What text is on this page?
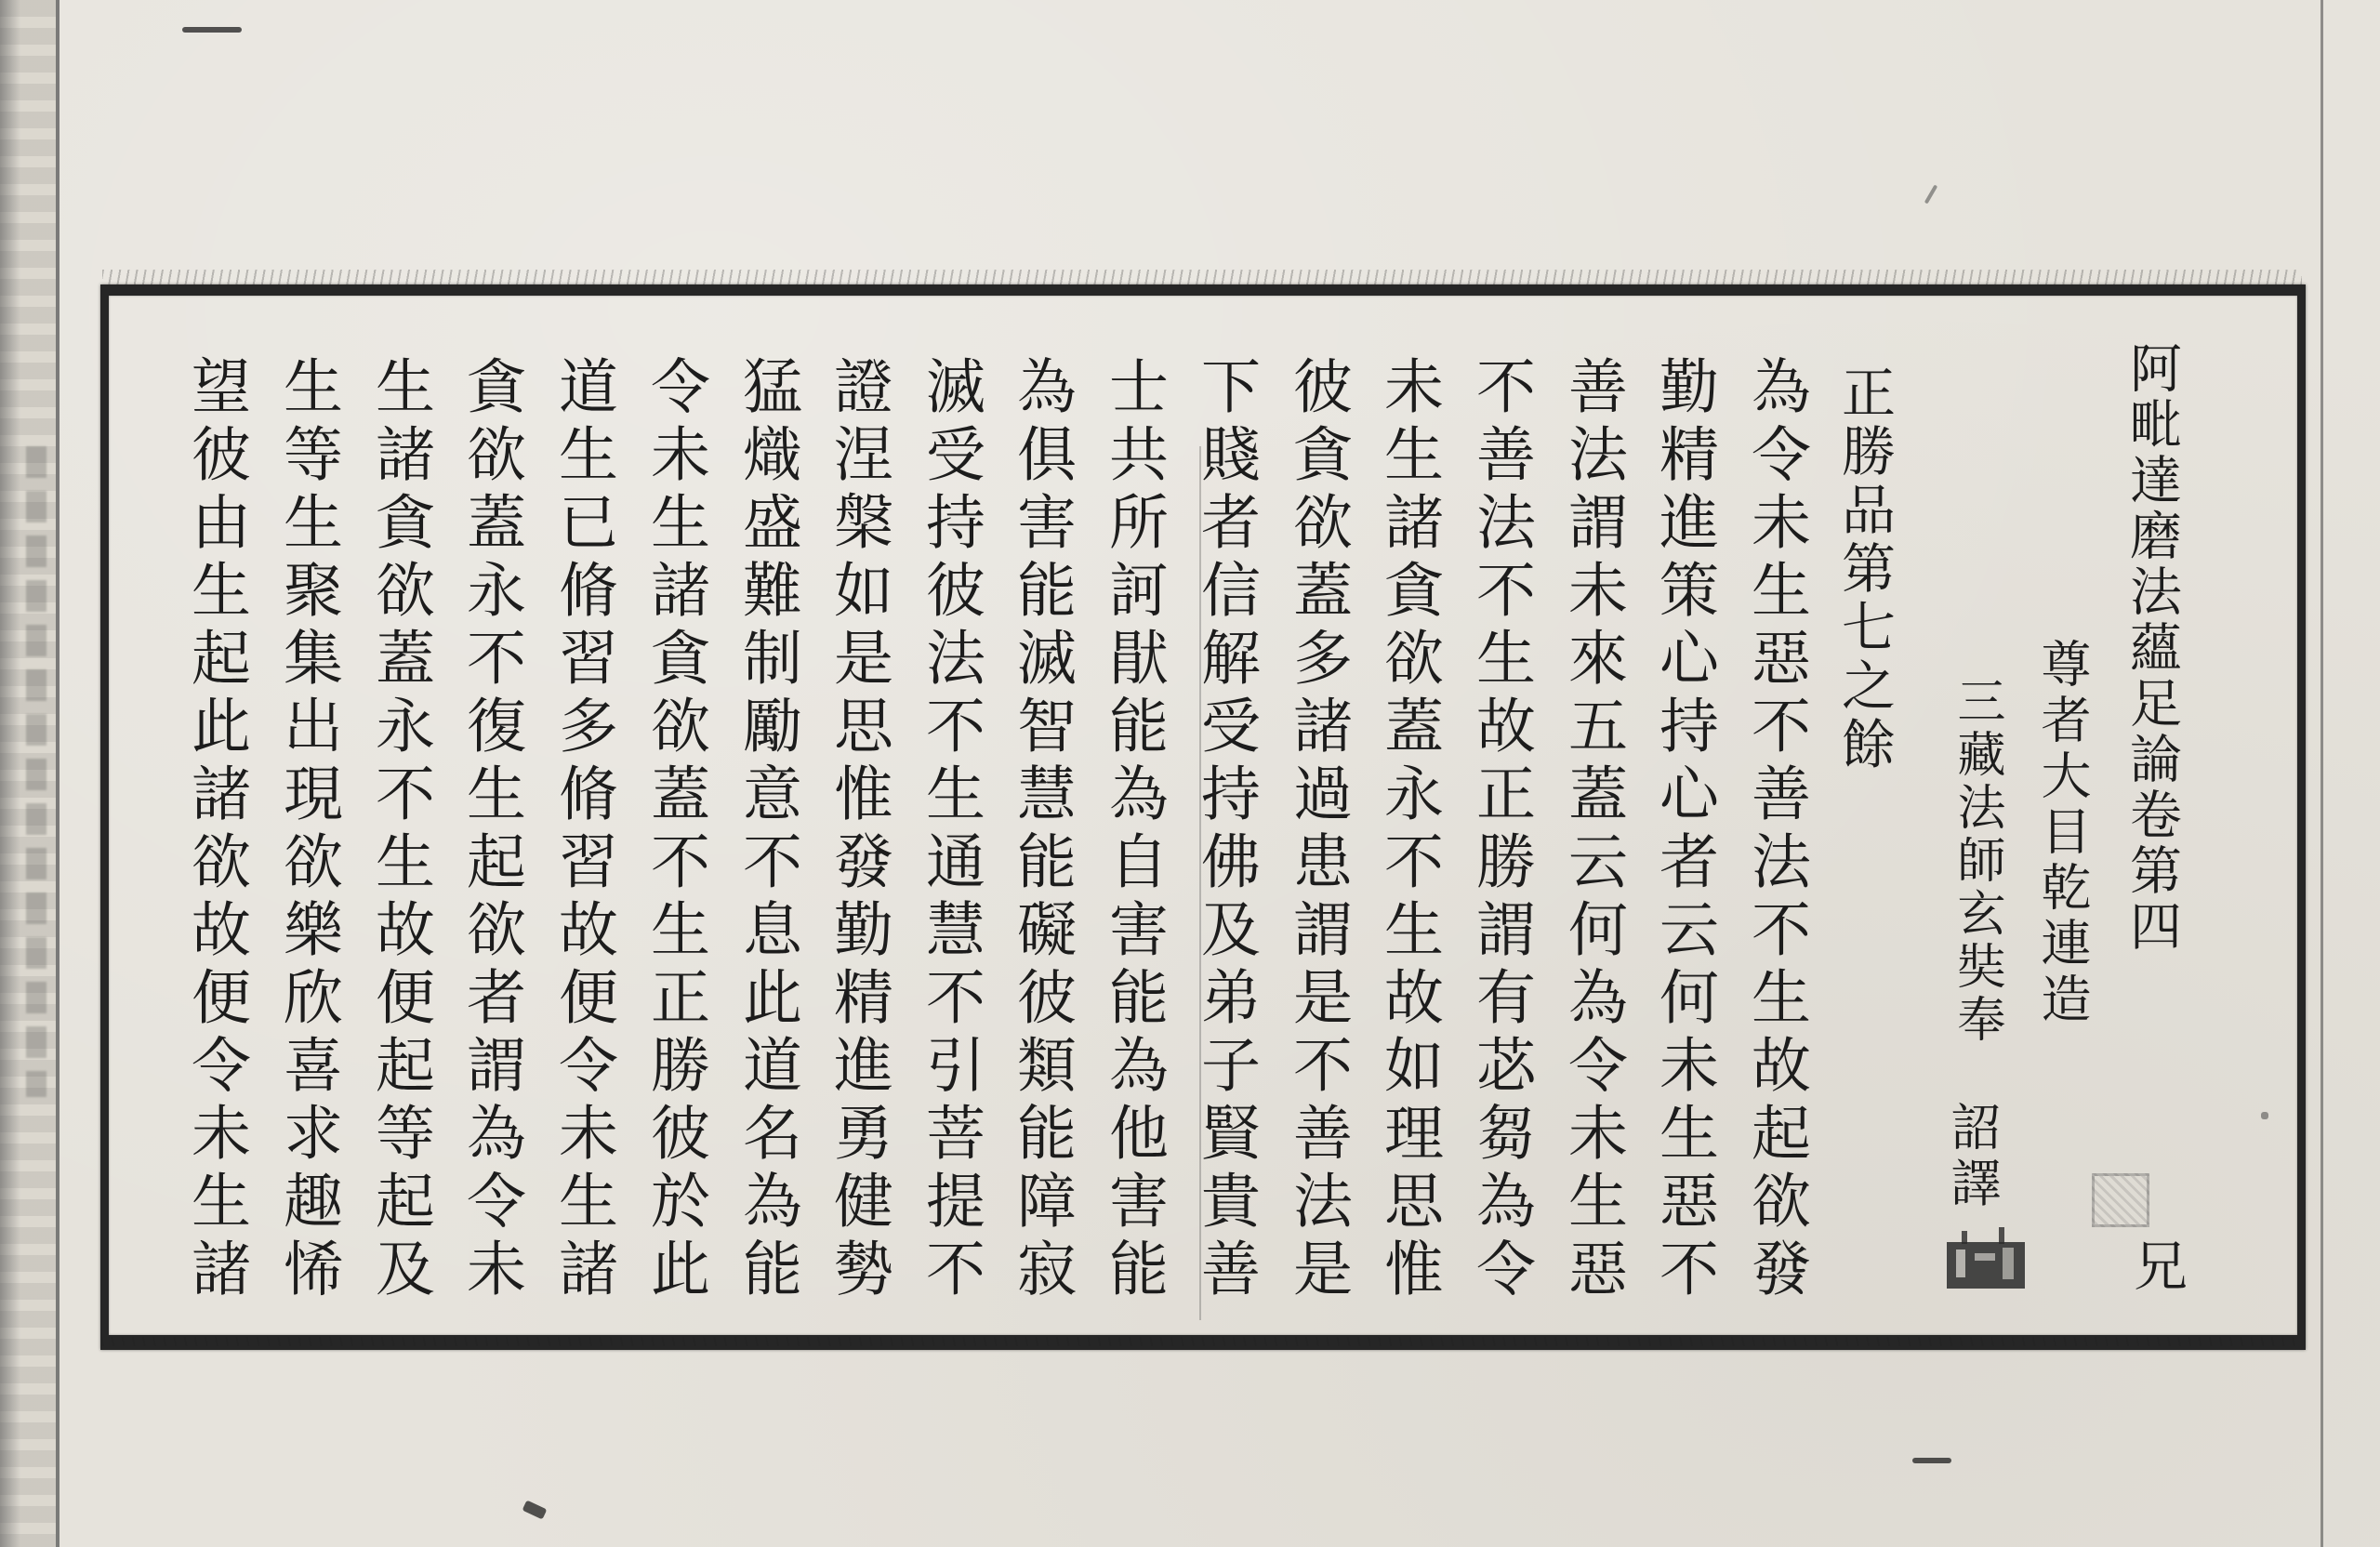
阿毗達磨法蘊足論卷第四
兄
尊者大目乾連造
三藏法師玄奘奉
詔譯
正勝品第七之餘
為令未生惡不善法不生故起欲發
勤精進策心持心者云何未生惡不
善法謂未來五蓋云何為令未生惡
不善法不生故正勝謂有苾芻為令
未生諸貪欲蓋永不生故如理思惟
彼貪欲蓋多諸過患謂是不善法是
下賤者信解受持佛及弟子賢貴善
士共所訶猒能為自害能為他害能
為俱害能滅智慧能礙彼類能障寂
滅受持彼法不生通慧不引菩提不
證涅槃如是思惟發勤精進勇健勢
猛熾盛難制勵意不息此道名為能
令未生諸貪欲蓋不生正勝彼於此
道生已脩習多脩習故便令未生諸
貪欲蓋永不復生起欲者謂為令未
生諸貪欲蓋永不生故便起等起及
生等生聚集出現欲樂欣喜求趣悕
望彼由生起此諸欲故便令未生諸
